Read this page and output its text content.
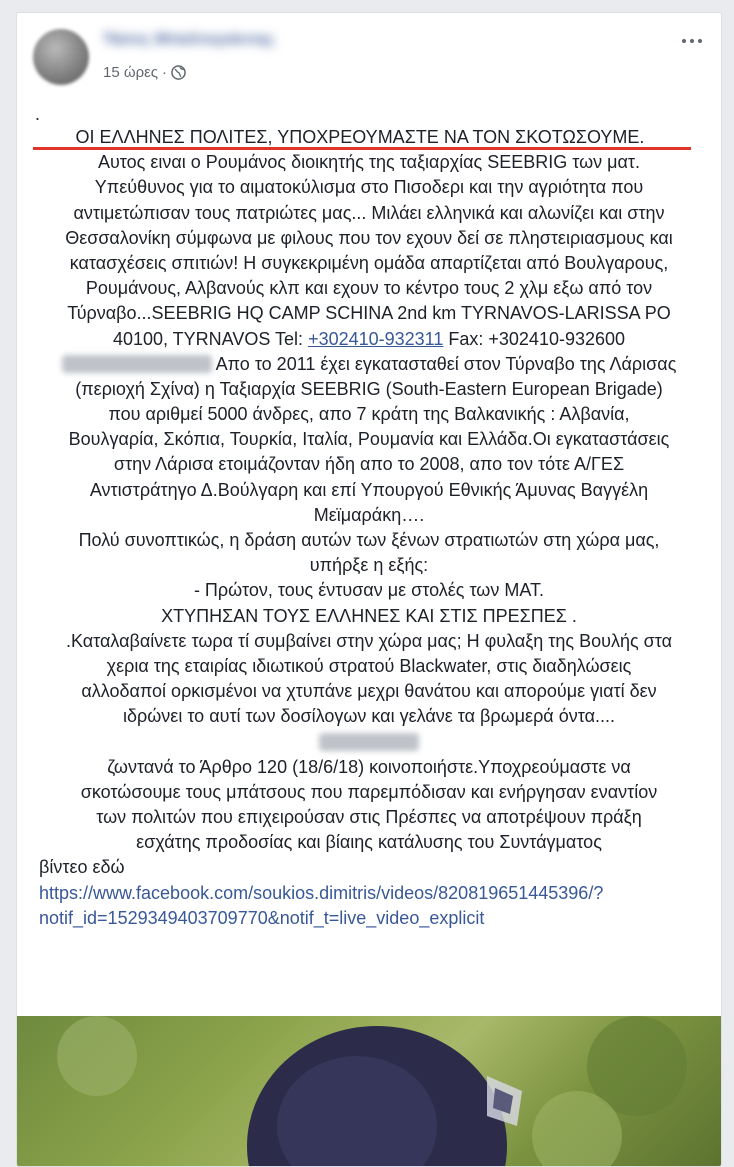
Τάσος Μπαλτογιάννης
15 ώρες ·
.
ΟΙ ΕΛΛΗΝΕΣ ΠΟΛΙΤΕΣ, ΥΠΟΧΡΕΟΥΜΑΣΤΕ ΝΑ ΤΟΝ ΣΚΟΤΩΣΟΥΜΕ.
Αυτος ειναι ο Ρουμάνος διοικητής της ταξιαρχίας SEEBRIG των ματ.
Υπεύθυνος για το αιματοκύλισμα στο Πισοδερι και την αγριότητα που
αντιμετώπισαν τους πατριώτες μας... Μιλάει ελληνικά και αλωνίζει και στην
Θεσσαλονίκη σύμφωνα με φιλους που τον εχουν δεί σε πληστειριασμους και
κατασχέσεις σπιτιών! Η συγκεκριμένη ομάδα απαρτίζεται από Βουλγαρους,
Ρουμάνους, Αλβανούς κλπ και εχουν το κέντρο τους 2 χλμ εξω από τον
Τύρναβο...SEEBRIG HQ CAMP SCHINA 2nd km TYRNAVOS-LARISSA PO
40100, TYRNAVOS Tel: +302410-932311 Fax: +302410-932600
Απο το 2011 έχει εγκατασταθεί στον Τύρναβο της Λάρισας
(περιοχή Σχίνα) η Ταξιαρχία SEEBRIG (South-Eastern European Brigade)
που αριθμεί 5000 άνδρες, απο 7 κράτη της Βαλκανικής : Αλβανία,
Βουλγαρία, Σκόπια, Τουρκία, Ιταλία, Ρουμανία και Ελλάδα.Οι εγκαταστάσεις
στην Λάρισα ετοιμάζονταν ήδη απο το 2008, απο τον τότε Α/ΓΕΣ
Αντιστράτηγο Δ.Βούλγαρη και επί Υπουργού Εθνικής Άμυνας Βαγγέλη
Μεϊμαράκη….
Πολύ συνοπτικώς, η δράση αυτών των ξένων στρατιωτών στη χώρα μας,
υπήρξε η εξής:
- Πρώτον, τους έντυσαν με στολές των ΜΑΤ.
ΧΤΥΠΗΣΑΝ ΤΟΥΣ ΕΛΛΗΝΕΣ ΚΑΙ ΣΤΙΣ ΠΡΕΣΠΕΣ .
.Καταλαβαίνετε τωρα τί συμβαίνει στην χώρα μας; Η φυλαξη της Βουλής στα
χερια της εταιρίας ιδιωτικού στρατού Blackwater, στις διαδηλώσεις
αλλοδαποί ορκισμένοι να χτυπάνε μεχρι θανάτου και απορούμε γιατί δεν
ιδρώνει το αυτί των δοσίλογων και γελάνε τα βρωμερά όντα....
ζωντανά το Άρθρο 120 (18/6/18) κοινοποιήστε.Υποχρεούμαστε να
σκοτώσουμε τους μπάτσους που παρεμπόδισαν και ενήργησαν εναντίον
των πολιτών που επιχειρούσαν στις Πρέσπες να αποτρέψουν πράξη
εσχάτης προδοσίας και βίαιης κατάλυσης του Συντάγματος
βίντεο εδώ
https://www.facebook.com/soukios.dimitris/videos/820819651445396/?
notif_id=1529349403709770&notif_t=live_video_explicit
